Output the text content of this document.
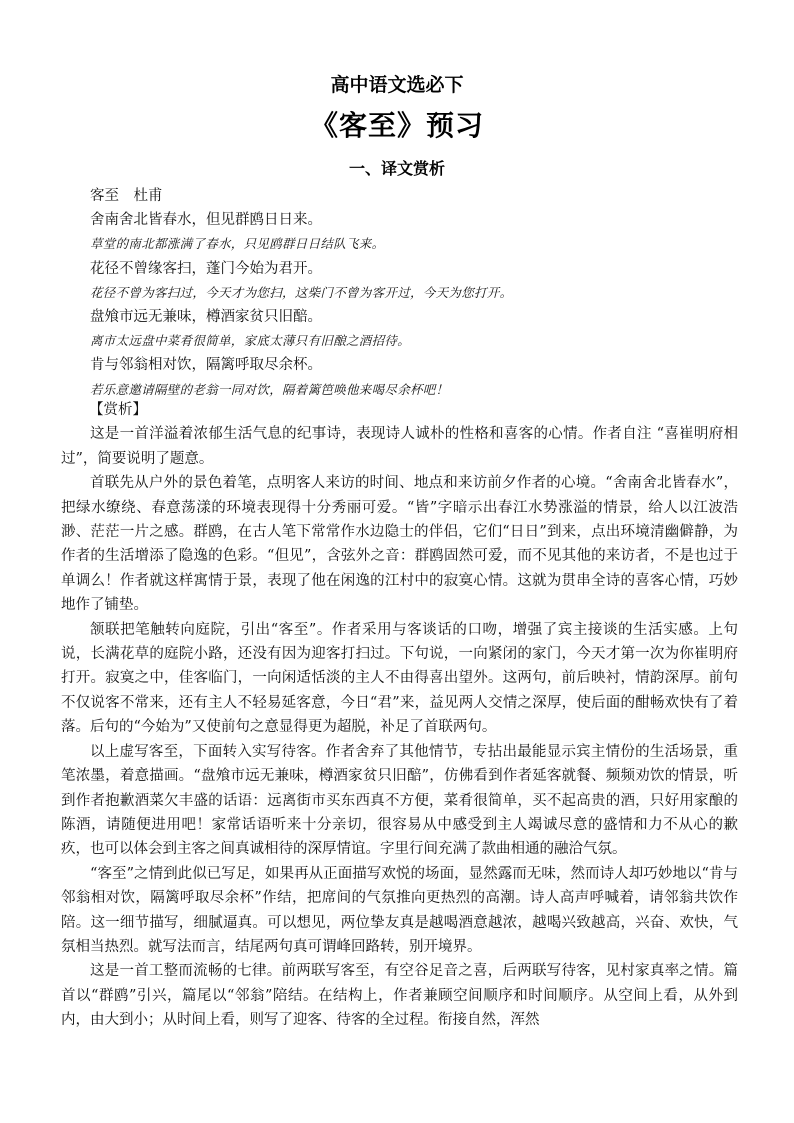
高中语文选必下
《客至》预习
一、译文赏析
客至　杜甫
舍南舍北皆春水，但见群鸥日日来。
草堂的南北都涨满了春水，只见鸥群日日结队飞来。
花径不曾缘客扫，蓬门今始为君开。
花径不曾为客扫过，今天才为您扫，这柴门不曾为客开过，今天为您打开。
盘飧市远无兼味，樽酒家贫只旧醅。
离市太远盘中菜肴很简单，家底太薄只有旧酿之酒招待。
肯与邻翁相对饮，隔篱呼取尽余杯。
若乐意邀请隔壁的老翁一同对饮，隔着篱笆唤他来喝尽余杯吧！

【赏析】

这是一首洋溢着浓郁生活气息的纪事诗，表现诗人诚朴的性格和喜客的心情。作者自注 “喜崔明府相过”，简要说明了题意。

首联先从户外的景色着笔，点明客人来访的时间、地点和来访前夕作者的心境。“舍南舍北皆春水”，把绿水缭绕、春意荡漾的环境表现得十分秀丽可爱。“皆”字暗示出春江水势涨溢的情景，给人以江波浩渺、茫茫一片之感。群鸥，在古人笔下常常作水边隐士的伴侣，它们“日日”到来，点出环境清幽僻静，为作者的生活增添了隐逸的色彩。“但见”，含弦外之音：群鸥固然可爱，而不见其他的来访者，不是也过于单调么！作者就这样寓情于景，表现了他在闲逸的江村中的寂寞心情。这就为贯串全诗的喜客心情，巧妙地作了铺垫。

颔联把笔触转向庭院，引出“客至”。作者采用与客谈话的口吻，增强了宾主接谈的生活实感。上句说，长满花草的庭院小路，还没有因为迎客打扫过。下句说，一向紧闭的家门，今天才第一次为你崔明府打开。寂寞之中，佳客临门，一向闲适恬淡的主人不由得喜出望外。这两句，前后映衬，情韵深厚。前句不仅说客不常来，还有主人不轻易延客意，今日“君”来，益见两人交情之深厚，使后面的酣畅欢快有了着落。后句的“今始为”又使前句之意显得更为超脱，补足了首联两句。

以上虚写客至，下面转入实写待客。作者舍弃了其他情节，专拈出最能显示宾主情份的生活场景，重笔浓墨，着意描画。“盘飧市远无兼味，樽酒家贫只旧醅”，仿佛看到作者延客就餐、频频劝饮的情景，听到作者抱歉酒菜欠丰盛的话语：远离街市买东西真不方便，菜肴很简单，买不起高贵的酒，只好用家酿的陈酒，请随便进用吧！家常话语听来十分亲切，很容易从中感受到主人竭诚尽意的盛情和力不从心的歉疚，也可以体会到主客之间真诚相待的深厚情谊。字里行间充满了款曲相通的融洽气氛。

“客至”之情到此似已写足，如果再从正面描写欢悦的场面，显然露而无味，然而诗人却巧妙地以“肯与邻翁相对饮，隔篱呼取尽余杯”作结，把席间的气氛推向更热烈的高潮。诗人高声呼喊着，请邻翁共饮作陪。这一细节描写，细腻逼真。可以想见，两位挚友真是越喝酒意越浓，越喝兴致越高，兴奋、欢快，气氛相当热烈。就写法而言，结尾两句真可谓峰回路转，别开境界。

这是一首工整而流畅的七律。前两联写客至，有空谷足音之喜，后两联写待客，见村家真率之情。篇首以“群鸥”引兴，篇尾以“邻翁”陪结。在结构上，作者兼顾空间顺序和时间顺序。从空间上看，从外到内，由大到小；从时间上看，则写了迎客、待客的全过程。衔接自然，浑然
